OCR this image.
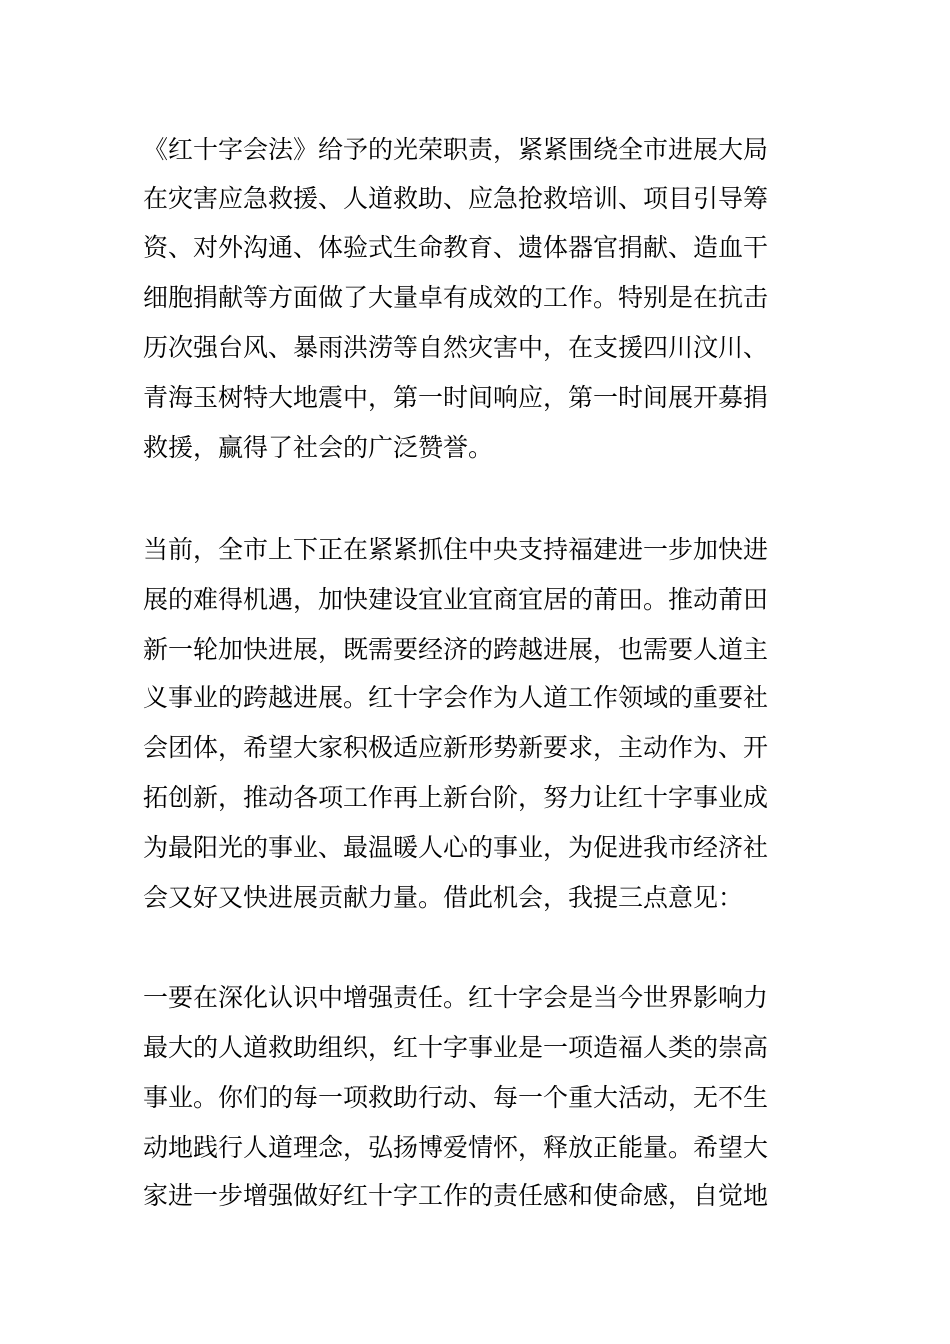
《红十字会法》给予的光荣职责，紧紧围绕全市进展大局
在灾害应急救援、人道救助、应急抢救培训、项目引导筹
资、对外沟通、体验式生命教育、遗体器官捐献、造血干
细胞捐献等方面做了大量卓有成效的工作。特别是在抗击
历次强台风、暴雨洪涝等自然灾害中，在支援四川汶川、
青海玉树特大地震中，第一时间响应，第一时间展开募捐
救援，赢得了社会的广泛赞誉。
当前，全市上下正在紧紧抓住中央支持福建进一步加快进
展的难得机遇，加快建设宜业宜商宜居的莆田。推动莆田
新一轮加快进展，既需要经济的跨越进展，也需要人道主
义事业的跨越进展。红十字会作为人道工作领域的重要社
会团体，希望大家积极适应新形势新要求，主动作为、开
拓创新，推动各项工作再上新台阶，努力让红十字事业成
为最阳光的事业、最温暖人心的事业，为促进我市经济社
会又好又快进展贡献力量。借此机会，我提三点意见：
一要在深化认识中增强责任。红十字会是当今世界影响力
最大的人道救助组织，红十字事业是一项造福人类的崇高
事业。你们的每一项救助行动、每一个重大活动，无不生
动地践行人道理念，弘扬博爱情怀，释放正能量。希望大
家进一步增强做好红十字工作的责任感和使命感，自觉地
